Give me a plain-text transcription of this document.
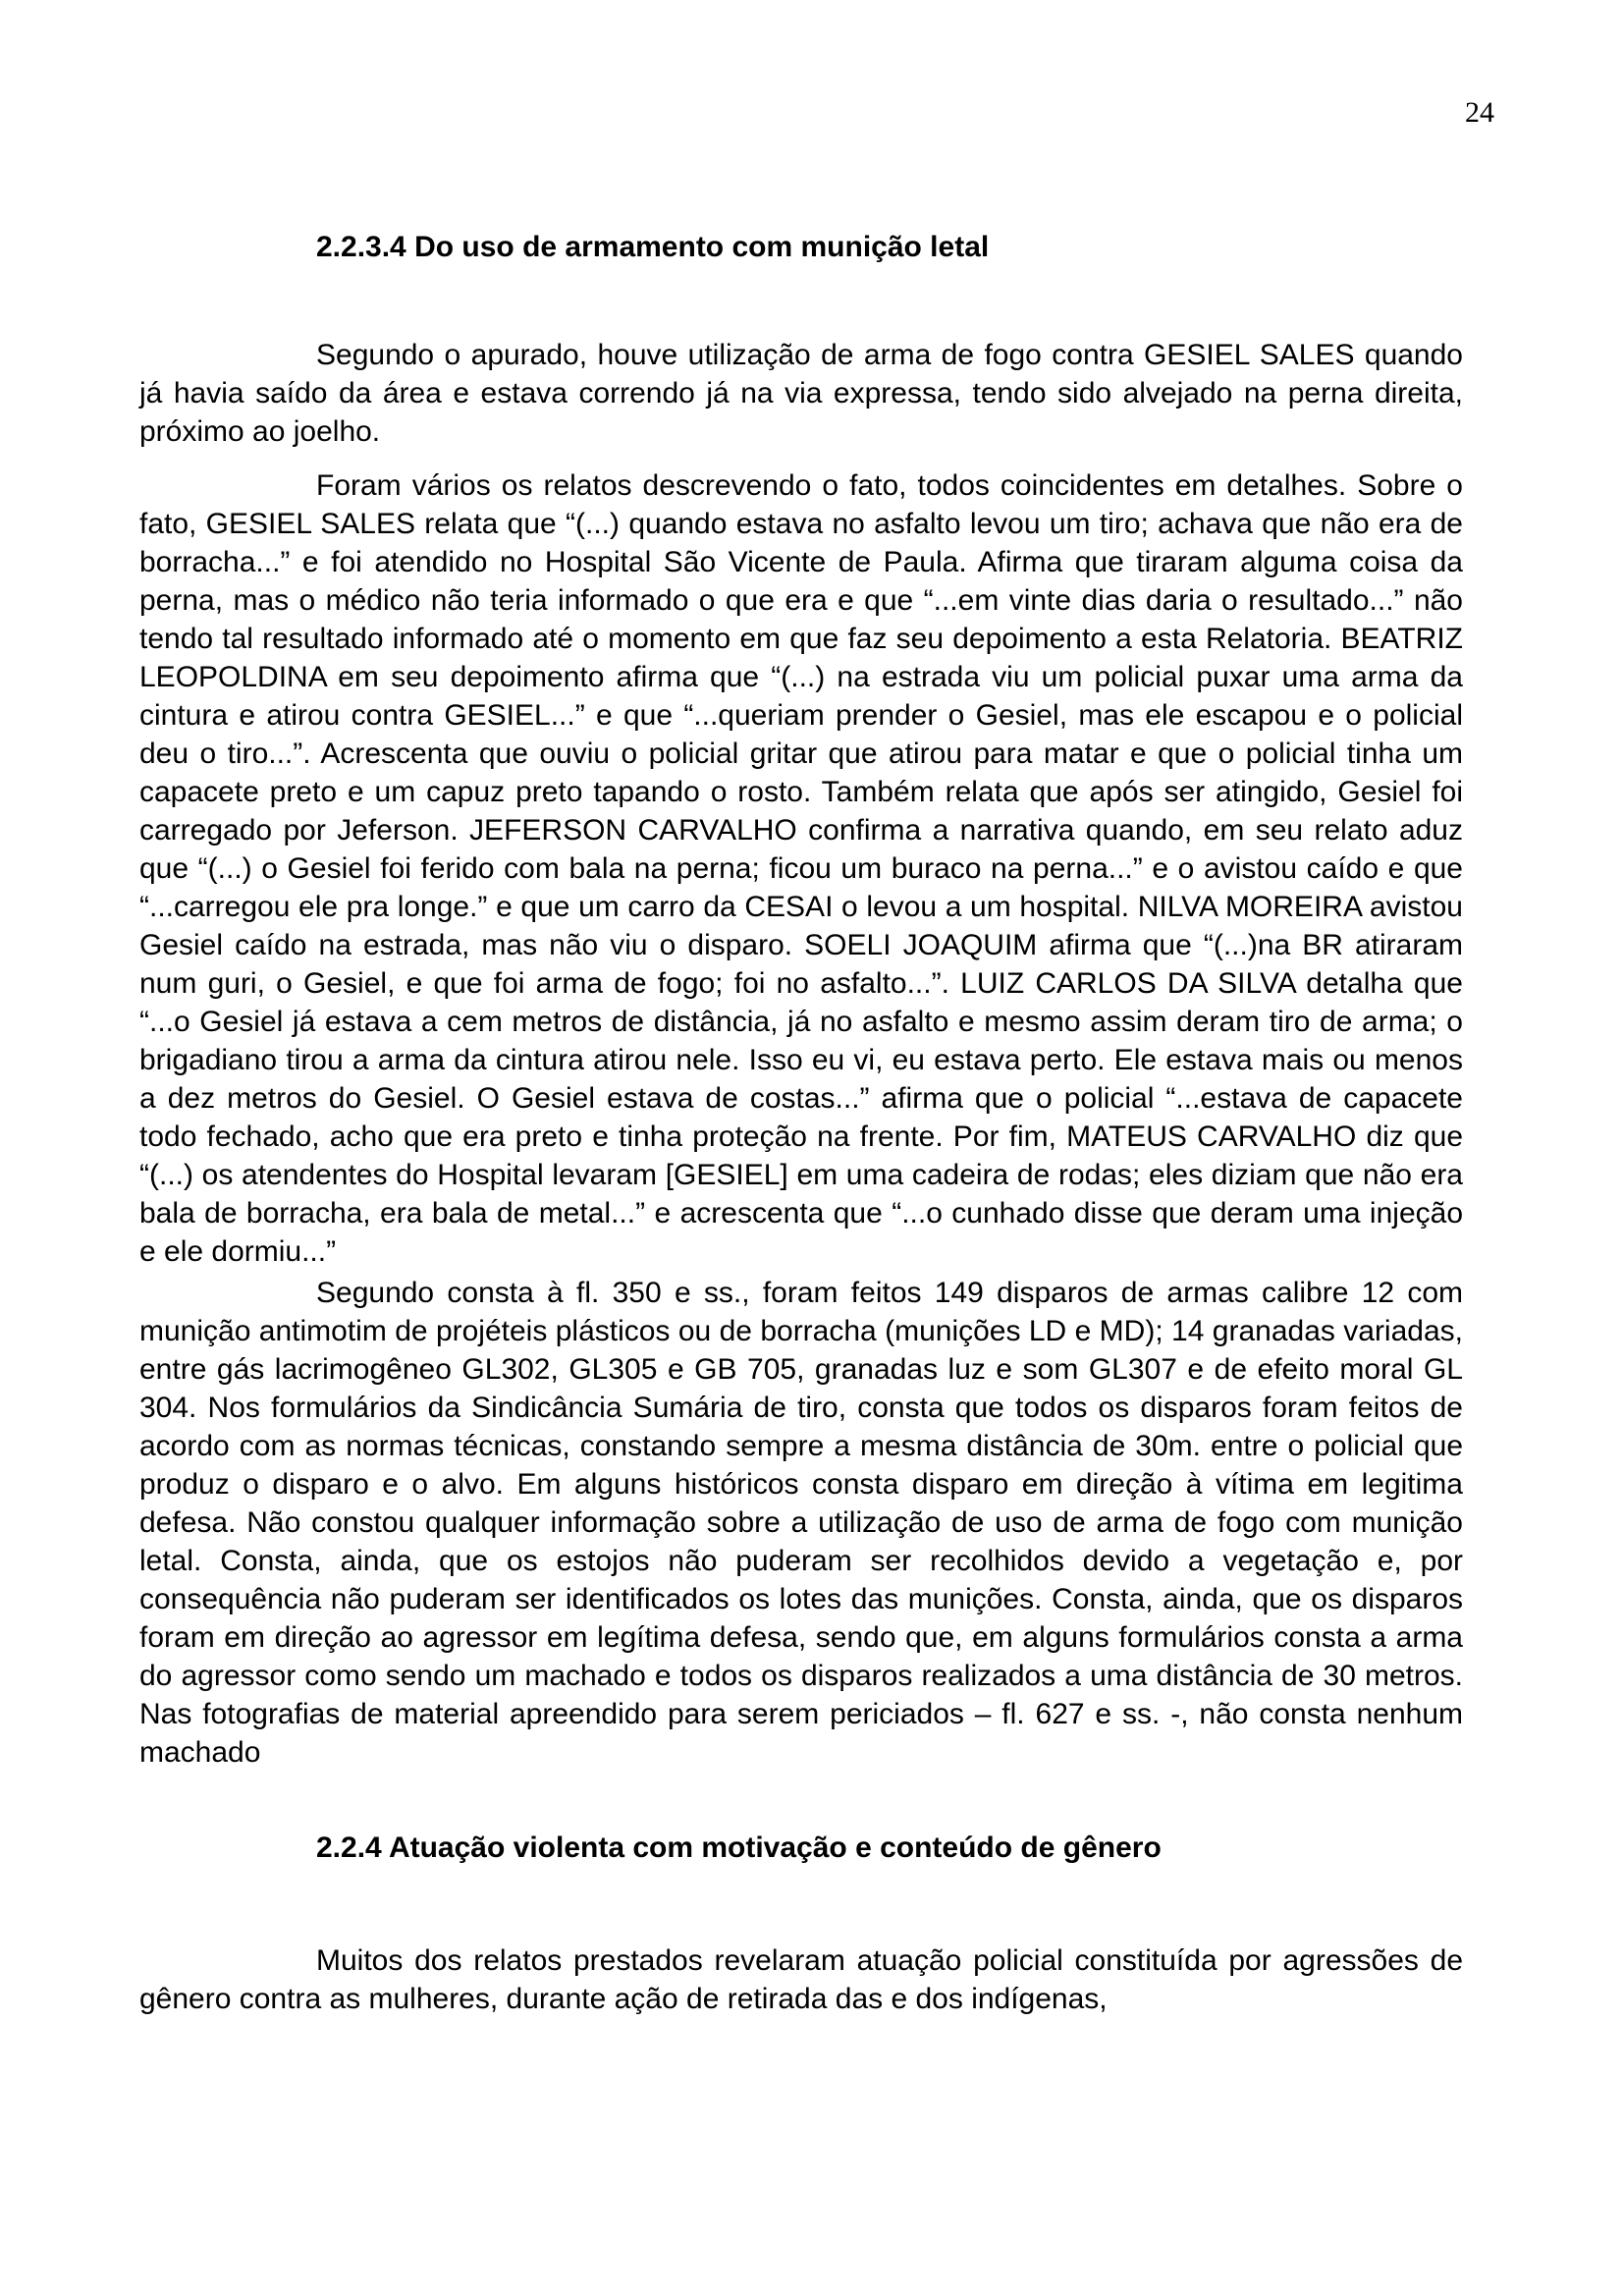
24
2.2.3.4 Do uso de armamento com munição letal

Segundo o apurado, houve utilização de arma de fogo contra GESIEL SALES quando já havia saído da área e estava correndo já na via expressa, tendo sido alvejado na perna direita, próximo ao joelho.

Foram vários os relatos descrevendo o fato, todos coincidentes em detalhes. Sobre o fato, GESIEL SALES relata que “(...) quando estava no asfalto levou um tiro; achava que não era de borracha...” e foi atendido no Hospital São Vicente de Paula. Afirma que tiraram alguma coisa da perna, mas o médico não teria informado o que era e que “...em vinte dias daria o resultado...” não tendo tal resultado informado até o momento em que faz seu depoimento a esta Relatoria. BEATRIZ LEOPOLDINA em seu depoimento afirma que “(...) na estrada viu um policial puxar uma arma da cintura e atirou contra GESIEL...” e que “...queriam prender o Gesiel, mas ele escapou e o policial deu o tiro...”. Acrescenta que ouviu o policial gritar que atirou para matar e que o policial tinha um capacete preto e um capuz preto tapando o rosto. Também relata que após ser atingido, Gesiel foi carregado por Jeferson. JEFERSON CARVALHO confirma a narrativa quando, em seu relato aduz que “(...) o Gesiel foi ferido com bala na perna; ficou um buraco na perna...” e o avistou caído e que “...carregou ele pra longe.” e que um carro da CESAI o levou a um hospital. NILVA MOREIRA avistou Gesiel caído na estrada, mas não viu o disparo. SOELI JOAQUIM afirma que “(...)na BR atiraram num guri, o Gesiel, e que foi arma de fogo; foi no asfalto...”. LUIZ CARLOS DA SILVA detalha que “...o Gesiel já estava a cem metros de distância, já no asfalto e mesmo assim deram tiro de arma; o brigadiano tirou a arma da cintura atirou nele. Isso eu vi, eu estava perto. Ele estava mais ou menos a dez metros do Gesiel. O Gesiel estava de costas...” afirma que o policial “...estava de capacete todo fechado, acho que era preto e tinha proteção na frente. Por fim, MATEUS CARVALHO diz que “(...) os atendentes do Hospital levaram [GESIEL] em uma cadeira de rodas; eles diziam que não era bala de borracha, era bala de metal...” e acrescenta que “...o cunhado disse que deram uma injeção e ele dormiu...”

Segundo consta à fl. 350 e ss., foram feitos 149 disparos de armas calibre 12 com munição antimotim de projéteis plásticos ou de borracha (munições LD e MD); 14 granadas variadas, entre gás lacrimogêneo GL302, GL305 e GB 705, granadas luz e som GL307 e de efeito moral GL 304. Nos formulários da Sindicância Sumária de tiro, consta que todos os disparos foram feitos de acordo com as normas técnicas, constando sempre a mesma distância de 30m. entre o policial que produz o disparo e o alvo. Em alguns históricos consta disparo em direção à vítima em legitima defesa. Não constou qualquer informação sobre a utilização de uso de arma de fogo com munição letal. Consta, ainda, que os estojos não puderam ser recolhidos devido a vegetação e, por consequência não puderam ser identificados os lotes das munições. Consta, ainda, que os disparos foram em direção ao agressor em legítima defesa, sendo que, em alguns formulários consta a arma do agressor como sendo um machado e todos os disparos realizados a uma distância de 30 metros. Nas fotografias de material apreendido para serem periciados – fl. 627 e ss. -, não consta nenhum machado

2.2.4 Atuação violenta com motivação e conteúdo de gênero

Muitos dos relatos prestados revelaram atuação policial constituída por agressões de gênero contra as mulheres, durante ação de retirada das e dos indígenas,
